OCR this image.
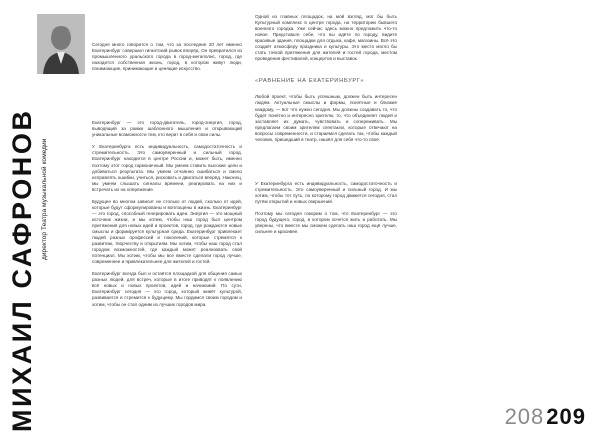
МИХАИЛ САФРОНОВ директор Театра музыкальной комедии

Сегодня много говорится о том, что за последние 20 лет именно Екатеринбург совершил гигантский рывок вперёд. Он превратился из промышленного уральского города в город-мегаполис, город, где находится собственная жизнь, город, в котором живут люди, понимающие, принимающие и ценящие искусство.

Екатеринбург — это город-двигатель, город-энергия, город, выводящий за рамки шаблонного мышления и открывающий уникальные возможности тем, кто верит в себя и свои силы.

У Екатеринбурга есть индивидуальность, самодостаточность и стремительность. Это самоуверенный и сильный город. Екатеринбург находится в центре России и, может быть, именно поэтому этот город гармоничный. Мы умеем ставить высокие цели и добиваться результата. Мы умеем отчаянно ошибаться и смело исправлять ошибки, учиться, рисковать и двигаться вперёд. Наконец, мы умеем слышать сигналы времени, реагировать на них и встречать их на опережение.

Будущее во многом зависит не столько от людей, сколько от идей, которые будут сформулированы и воплощены в жизнь. Екатеринбург — это город, способный генерировать идеи. Энергия — это мощный источник жизни, и мы хотим, чтобы наш город был центром притяжения для новых идей и проектов, город, где рождаются новые смыслы и формируется культурная среда. Екатеринбург привлекает людей разных профессий и поколений, которые стремятся к развитию, творчеству и открытиям. Мы хотим, чтобы наш город стал городом возможностей, где каждый может реализовать свой потенциал. Мы хотим, чтобы мы все вместе сделали город лучше, современнее и привлекательнее для жителей и гостей.

Екатеринбург всегда был и остаётся площадкой для общения самых разных людей, для встреч, которые в итоге приводят к появлению всё новых и новых проектов, идей и начинаний. По сути, Екатеринбург сегодня — это город, который живёт культурой, развивается и стремится к будущему. Мы гордимся своим городом и хотим, чтобы он стал одним из лучших городов мира.

Одной из главных площадок, на мой взгляд, мог бы быть Культурный комплекс в центре города, на территории бывшего военного городка. Уже сейчас здесь можно предложить что-то новое. Представьте себе, что вы идёте по городу, видите красивые здания, площадки для отдыха, кафе, магазины. Всё это создаёт атмосферу праздника и культуры. Это место могло бы стать точкой притяжения для жителей и гостей города, местом проведения фестивалей, концертов и выставок.

«РАВНЕНИЕ НА ЕКАТЕРИНБУРГ»

Любой проект, чтобы быть успешным, должен быть интересен людям. Актуальные смыслы и формы, понятные и близкие каждому, — вот что нужно сегодня. Мы должны создавать то, что будет понятно и интересно зрителю, то, что объединяет людей и заставляет их думать, чувствовать и сопереживать. Мы предлагаем своим зрителям спектакли, которые отвечают на вопросы современности, и стараемся сделать так, чтобы каждый человек, пришедший в театр, нашёл для себя что-то своё.

У Екатеринбурга есть индивидуальность, самодостаточность и стремительность. Это самоуверенный и сильный город. И мы хотим, чтобы тот путь, по которому город движется сегодня, стал путём открытий и новых свершений.

Поэтому мы сегодня говорим о том, что Екатеринбург — это город будущего, город, в котором хочется жить и работать. Мы уверены, что вместе мы сможем сделать наш город ещё лучше, сильнее и красивее.

208209
